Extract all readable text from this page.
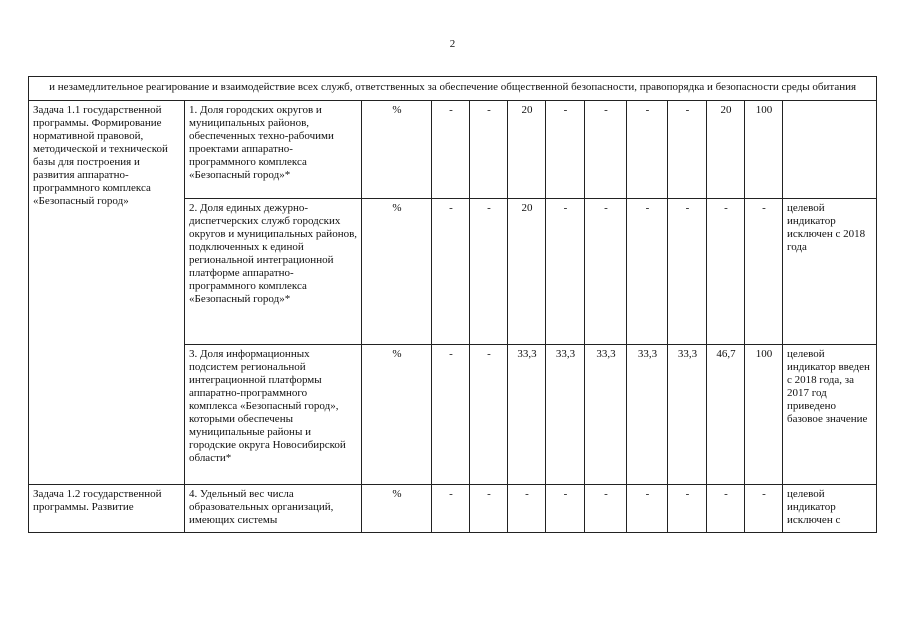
2
и незамедлительное реагирование и взаимодействие всех служб, ответственных за обеспечение общественной безопасности, правопорядка и безопасности среды обитания												
Задача 1.1 государственной программы. Формирование нормативной правовой, методической и технической базы для построения и развития аппаратно-программного комплекса «Безопасный город»	1. Доля городских округов и муниципальных районов, обеспеченных техно-рабочими проектами аппаратно-программного комплекса «Безопасный город»*	%	-	-	20	-	-	-	-	20	100	
	2. Доля единых дежурно-диспетчерских служб городских округов и муниципальных районов, подключенных к единой региональной интеграционной платформе аппаратно-программного комплекса «Безопасный город»*	%	-	-	20	-	-	-	-	-	-	целевой индикатор исключен с 2018 года
	3. Доля информационных подсистем региональной интеграционной платформы аппаратно-программного комплекса «Безопасный город», которыми обеспечены муниципальные районы и городские округа Новосибирской области*	%	-	-	33,3	33,3	33,3	33,3	33,3	46,7	100	целевой индикатор введен с 2018 года, за 2017 год приведено базовое значение
Задача 1.2 государственной программы. Развитие	4. Удельный вес числа образовательных организаций, имеющих системы	%	-	-	-	-	-	-	-	-	-	целевой индикатор исключен с
